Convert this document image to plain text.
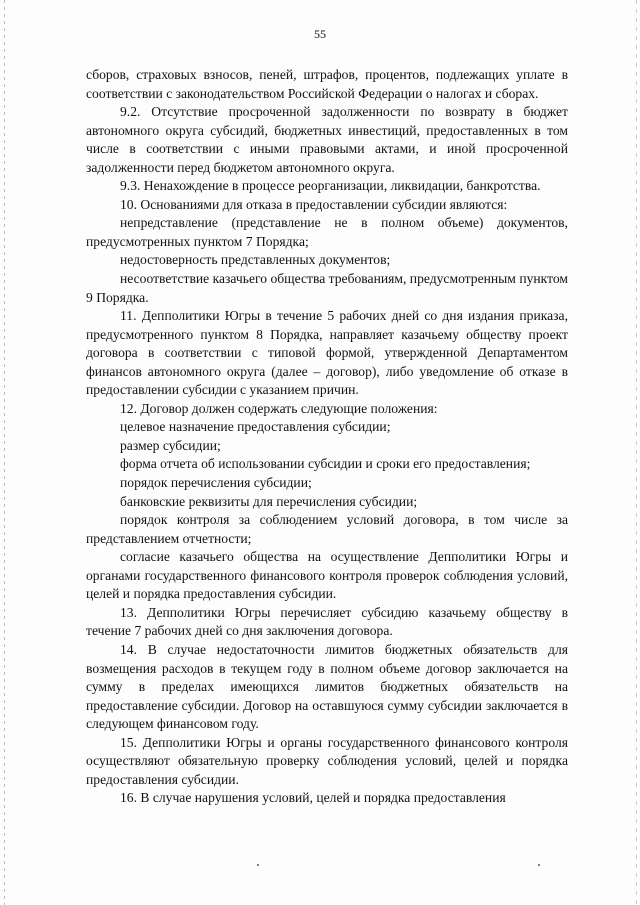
55

сборов, страховых взносов, пеней, штрафов, процентов, подлежащих уплате в соответствии с законодательством Российской Федерации о налогах и сборах.

9.2. Отсутствие просроченной задолженности по возврату в бюджет автономного округа субсидий, бюджетных инвестиций, предоставленных в том числе в соответствии с иными правовыми актами, и иной просроченной задолженности перед бюджетом автономного округа.

9.3. Ненахождение в процессе реорганизации, ликвидации, банкротства.

10. Основаниями для отказа в предоставлении субсидии являются:

непредставление (представление не в полном объеме) документов, предусмотренных пунктом 7 Порядка;

недостоверность представленных документов;

несоответствие казачьего общества требованиям, предусмотренным пунктом 9 Порядка.

11. Депполитики Югры в течение 5 рабочих дней со дня издания приказа, предусмотренного пунктом 8 Порядка, направляет казачьему обществу проект договора в соответствии с типовой формой, утвержденной Департаментом финансов автономного округа (далее – договор), либо уведомление об отказе в предоставлении субсидии с указанием причин.

12. Договор должен содержать следующие положения:

целевое назначение предоставления субсидии;

размер субсидии;

форма отчета об использовании субсидии и сроки его предоставления;

порядок перечисления субсидии;

банковские реквизиты для перечисления субсидии;

порядок контроля за соблюдением условий договора, в том числе за представлением отчетности;

согласие казачьего общества на осуществление Депполитики Югры и органами государственного финансового контроля проверок соблюдения условий, целей и порядка предоставления субсидии.

13. Депполитики Югры перечисляет субсидию казачьему обществу в течение 7 рабочих дней со дня заключения договора.

14. В случае недостаточности лимитов бюджетных обязательств для возмещения расходов в текущем году в полном объеме договор заключается на сумму в пределах имеющихся лимитов бюджетных обязательств на предоставление субсидии. Договор на оставшуюся сумму субсидии заключается в следующем финансовом году.

15. Депполитики Югры и органы государственного финансового контроля осуществляют обязательную проверку соблюдения условий, целей и порядка предоставления субсидии.

16. В случае нарушения условий, целей и порядка предоставления
